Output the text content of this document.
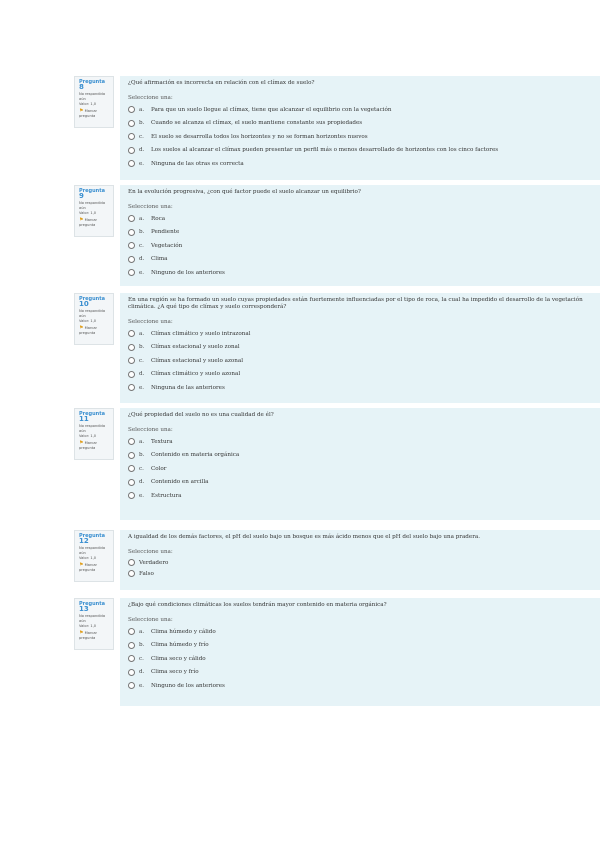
Pregunta 8
No respondida aún
Valor: 1,0
⚑ Marcar pregunta

¿Qué afirmación es incorrecta en relación con el clímax de suelo?

Seleccione una:
a.	Para que un suelo llegue al clímax, tiene que alcanzar el equilibrio con la vegetación
b.	Cuando se alcanza el clímax, el suelo mantiene constante sus propiedades
c.	El suelo se desarrolla todos los horizontes y no se forman horizontes nuevos
d.	Los suelos al alcanzar el clímax pueden presentar un perfil más o menos desarrollado de horizontes con los cinco factores
e.	Ninguna de las otras es correcta
Pregunta 9
No respondida aún
Valor: 1,0
⚑ Marcar pregunta

En la evolución progresiva, ¿con qué factor puede el suelo alcanzar un equilibrio?

Seleccione una:
a.	Roca
b.	Pendiente
c.	Vegetación
d.	Clima
e.	Ninguno de los anteriores
Pregunta 10
No respondida aún
Valor: 1,0
⚑ Marcar pregunta

En una región se ha formado un suelo cuyas propiedades están fuertemente influenciadas por el tipo de roca, la cual ha impedido el desarrollo de la vegetación climática. ¿A qué tipo de clímax y suelo corresponderá?

Seleccione una:
a.	Clímax climático y suelo intrazonal
b.	Clímax estacional y suelo zonal
c.	Clímax estacional y suelo azonal
d.	Clímax climático y suelo azonal
e.	Ninguna de las anteriores
Pregunta 11
No respondida aún
Valor: 1,0
⚑ Marcar pregunta

¿Qué propiedad del suelo no es una cualidad de él?

Seleccione una:
a.	Textura
b.	Contenido en materia orgánica
c.	Color
d.	Contenido en arcilla
e.	Estructura
Pregunta 12
No respondida aún
Valor: 1,0
⚑ Marcar pregunta

A igualdad de los demás factores, el pH del suelo bajo un bosque es más ácido menos que el pH del suelo bajo una pradera.

Seleccione una:
Verdadero
Falso
Pregunta 13
No respondida aún
Valor: 1,0
⚑ Marcar pregunta

¿Bajo qué condiciones climáticas los suelos tendrán mayor contenido en materia orgánica?

Seleccione una:
a.	Clima húmedo y cálido
b.	Clima húmedo y frío
c.	Clima seco y cálido
d.	Clima seco y frío
e.	Ninguno de los anteriores
